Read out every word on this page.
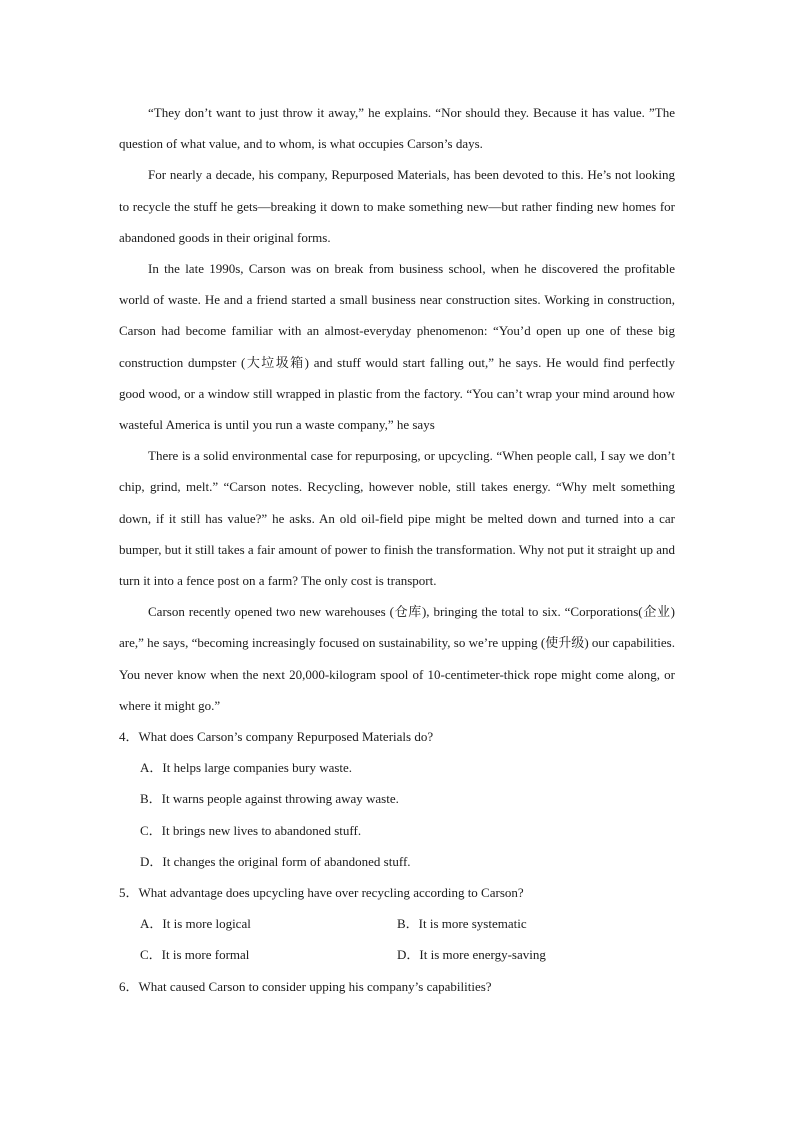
“They don’t want to just throw it away,” he explains. “Nor should they. Because it has value. ”The question of what value, and to whom, is what occupies Carson’s days.

For nearly a decade, his company, Repurposed Materials, has been devoted to this. He’s not looking to recycle the stuff he gets—breaking it down to make something new—but rather finding new homes for abandoned goods in their original forms.

In the late 1990s, Carson was on break from business school, when he discovered the profitable world of waste. He and a friend started a small business near construction sites. Working in construction, Carson had become familiar with an almost-everyday phenomenon: “You’d open up one of these big construction dumpster (大垃圾箱) and stuff would start falling out,” he says. He would find perfectly good wood, or a window still wrapped in plastic from the factory. “You can’t wrap your mind around how wasteful America is until you run a waste company,” he says

There is a solid environmental case for repurposing, or upcycling. “When people call, I say we don’t chip, grind, melt.” “Carson notes. Recycling, however noble, still takes energy. “Why melt something down, if it still has value?” he asks. An old oil-field pipe might be melted down and turned into a car bumper, but it still takes a fair amount of power to finish the transformation. Why not put it straight up and turn it into a fence post on a farm? The only cost is transport.

Carson recently opened two new warehouses (仓库), bringing the total to six. “Corporations(企业) are,” he says, “becoming increasingly focused on sustainability, so we’re upping (使升级) our capabilities. You never know when the next 20,000-kilogram spool of 10-centimeter-thick rope might come along, or where it might go.”

4．What does Carson’s company Repurposed Materials do?

A．It helps large companies bury waste.

B．It warns people against throwing away waste.

C．It brings new lives to abandoned stuff.

D．It changes the original form of abandoned stuff.

5．What advantage does upcycling have over recycling according to Carson?

A．It is more logical	B．It is more systematic
C．It is more formal	D．It is more energy-saving

6．What caused Carson to consider upping his company’s capabilities?
